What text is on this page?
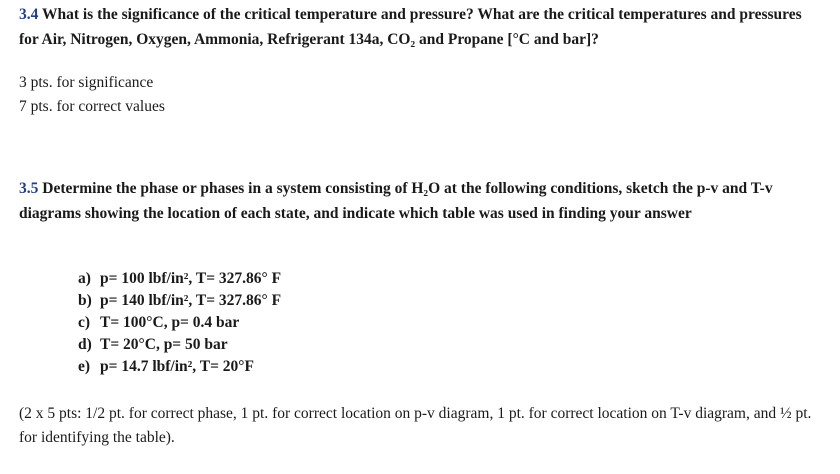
3.4 What is the significance of the critical temperature and pressure? What are the critical temperatures and pressures for Air, Nitrogen, Oxygen, Ammonia, Refrigerant 134a, CO₂ and Propane [°C and bar]?

3 pts. for significance

7 pts. for correct values

3.5 Determine the phase or phases in a system consisting of H₂O at the following conditions, sketch the p-v and T-v diagrams showing the location of each state, and indicate which table was used in finding your answer

a) p= 100 lbf/in², T= 327.86° F
b) p= 140 lbf/in², T= 327.86° F
c) T= 100°C, p= 0.4 bar
d) T= 20°C, p= 50 bar
e) p= 14.7 lbf/in², T= 20°F

(2 x 5 pts: 1/2 pt. for correct phase, 1 pt. for correct location on p-v diagram, 1 pt. for correct location on T-v diagram, and ½ pt. for identifying the table).
